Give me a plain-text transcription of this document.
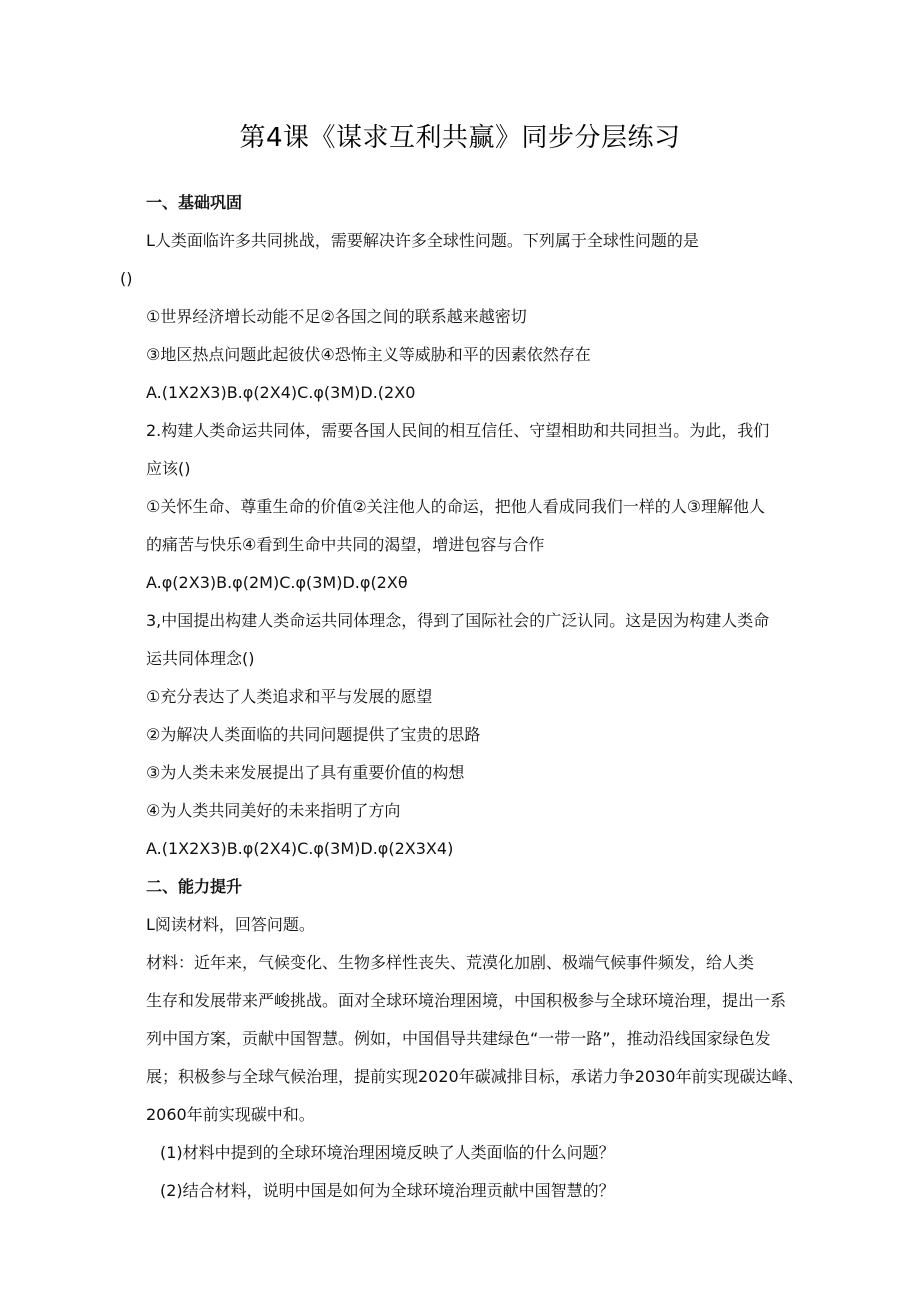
第4课《谋求互利共赢》同步分层练习
一、基础巩固
L人类面临许多共同挑战，需要解决许多全球性问题。下列属于全球性问题的是
()
①世界经济增长动能不足②各国之间的联系越来越密切
③地区热点问题此起彼伏④恐怖主义等威胁和平的因素依然存在
A.(1X2X3)B.φ(2X4)C.φ(3M)D.(2X0
2.构建人类命运共同体，需要各国人民间的相互信任、守望相助和共同担当。为此，我们
应该()
①关怀生命、尊重生命的价值②关注他人的命运，把他人看成同我们一样的人③理解他人
的痛苦与快乐④看到生命中共同的渴望，增进包容与合作
A.φ(2X3)B.φ(2M)C.φ(3M)D.φ(2Xθ
3,中国提出构建人类命运共同体理念，得到了国际社会的广泛认同。这是因为构建人类命
运共同体理念()
①充分表达了人类追求和平与发展的愿望
②为解决人类面临的共同问题提供了宝贵的思路
③为人类未来发展提出了具有重要价值的构想
④为人类共同美好的未来指明了方向
A.(1X2X3)B.φ(2X4)C.φ(3M)D.φ(2X3X4)
二、能力提升
L阅读材料，回答问题。
材料：近年来，气候变化、生物多样性丧失、荒漠化加剧、极端气候事件频发，给人类
生存和发展带来严峻挑战。面对全球环境治理困境，中国积极参与全球环境治理，提出一系
列中国方案，贡献中国智慧。例如，中国倡导共建绿色“一带一路”，推动沿线国家绿色发
展；积极参与全球气候治理，提前实现2020年碳减排目标，承诺力争2030年前实现碳达峰、
2060年前实现碳中和。
(1)材料中提到的全球环境治理困境反映了人类面临的什么问题？
(2)结合材料，说明中国是如何为全球环境治理贡献中国智慧的？
